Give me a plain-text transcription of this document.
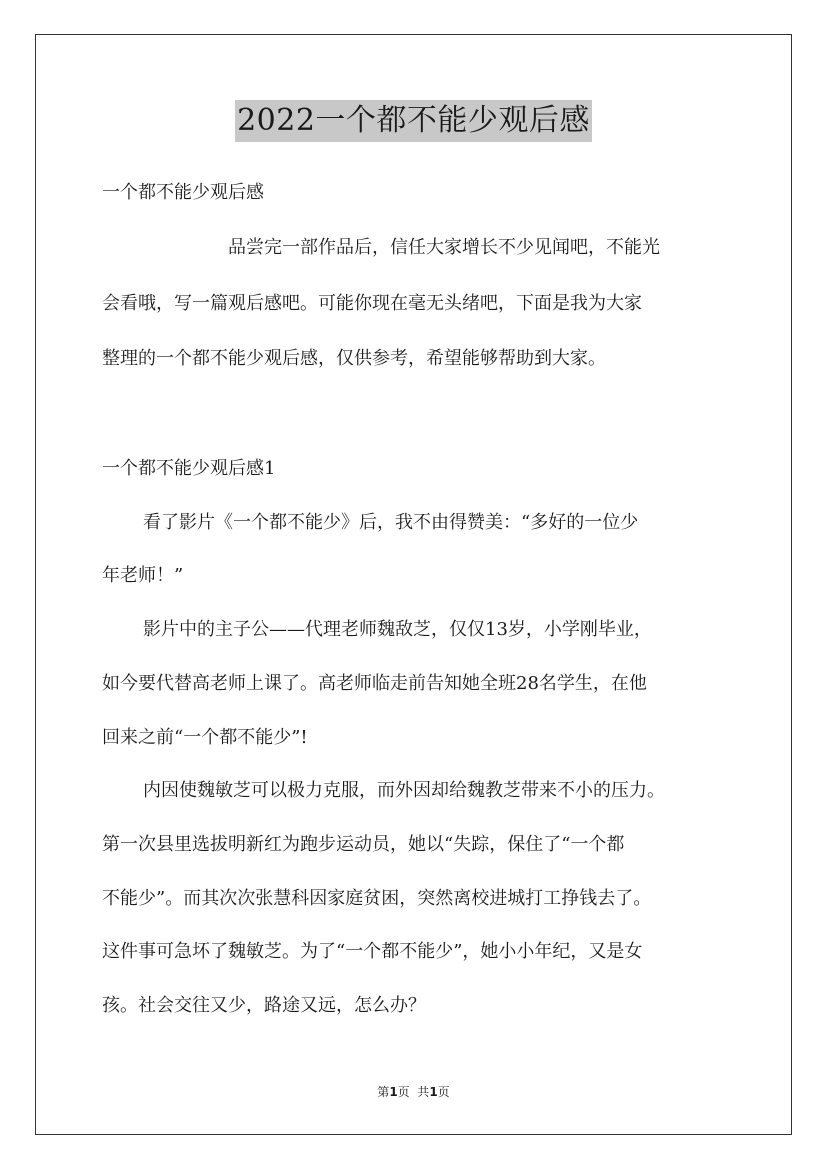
2022一个都不能少观后感
一个都不能少观后感
品尝完一部作品后，信任大家增长不少见闻吧，不能光
会看哦，写一篇观后感吧。可能你现在毫无头绪吧，下面是我为大家
整理的一个都不能少观后感，仅供参考，希望能够帮助到大家。
一个都不能少观后感1
看了影片《一个都不能少》后，我不由得赞美：“多好的一位少
年老师！”
影片中的主子公——代理老师魏敌芝，仅仅13岁，小学刚毕业，
如今要代替高老师上课了。高老师临走前告知她全班28名学生，在他
回来之前“一个都不能少”!
内因使魏敏芝可以极力克服，而外因却给魏教芝带来不小的压力。
第一次县里选拔明新红为跑步运动员，她以“失踪，保住了“一个都
不能少”。而其次次张慧科因家庭贫困，突然离校进城打工挣钱去了。
这件事可急坏了魏敏芝。为了“一个都不能少”，她小小年纪，又是女
孩。社会交往又少，路途又远，怎么办？
第1页  共1页
